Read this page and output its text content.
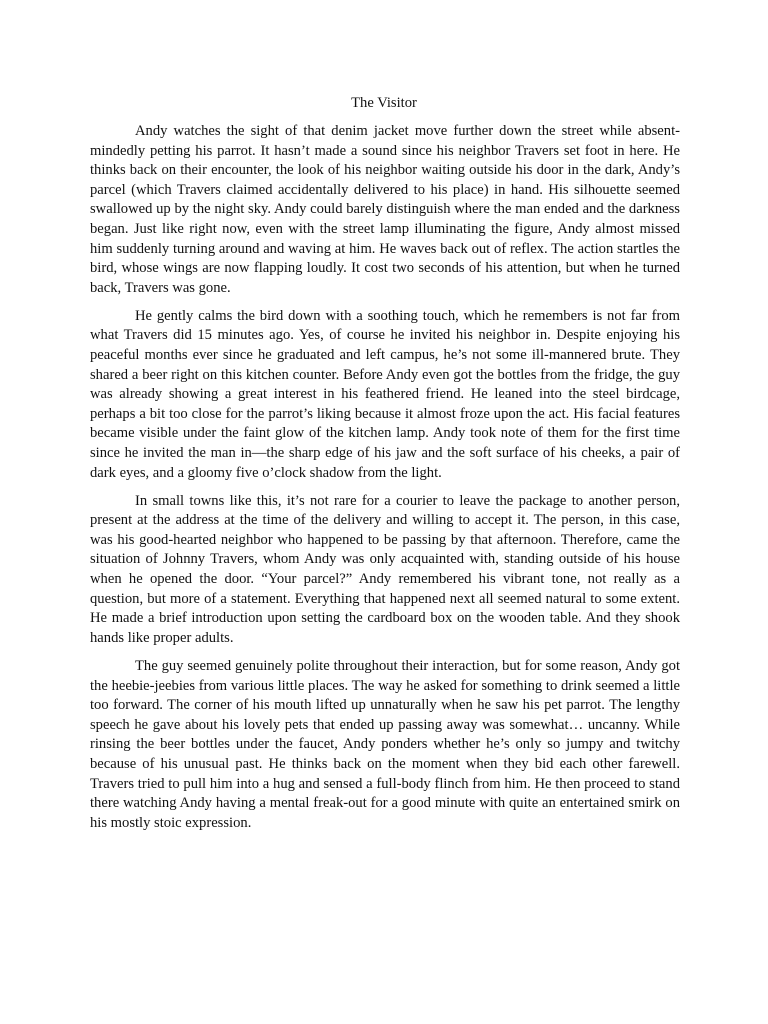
The Visitor

Andy watches the sight of that denim jacket move further down the street while absent-mindedly petting his parrot. It hasn’t made a sound since his neighbor Travers set foot in here. He thinks back on their encounter, the look of his neighbor waiting outside his door in the dark, Andy’s parcel (which Travers claimed accidentally delivered to his place) in hand. His silhouette seemed swallowed up by the night sky. Andy could barely distinguish where the man ended and the darkness began. Just like right now, even with the street lamp illuminating the figure, Andy almost missed him suddenly turning around and waving at him. He waves back out of reflex. The action startles the bird, whose wings are now flapping loudly. It cost two seconds of his attention, but when he turned back, Travers was gone.

He gently calms the bird down with a soothing touch, which he remembers is not far from what Travers did 15 minutes ago. Yes, of course he invited his neighbor in. Despite enjoying his peaceful months ever since he graduated and left campus, he’s not some ill-mannered brute. They shared a beer right on this kitchen counter. Before Andy even got the bottles from the fridge, the guy was already showing a great interest in his feathered friend. He leaned into the steel birdcage, perhaps a bit too close for the parrot’s liking because it almost froze upon the act. His facial features became visible under the faint glow of the kitchen lamp. Andy took note of them for the first time since he invited the man in—the sharp edge of his jaw and the soft surface of his cheeks, a pair of dark eyes, and a gloomy five o’clock shadow from the light.

In small towns like this, it’s not rare for a courier to leave the package to another person, present at the address at the time of the delivery and willing to accept it. The person, in this case, was his good-hearted neighbor who happened to be passing by that afternoon. Therefore, came the situation of Johnny Travers, whom Andy was only acquainted with, standing outside of his house when he opened the door. “Your parcel?” Andy remembered his vibrant tone, not really as a question, but more of a statement. Everything that happened next all seemed natural to some extent. He made a brief introduction upon setting the cardboard box on the wooden table. And they shook hands like proper adults.

The guy seemed genuinely polite throughout their interaction, but for some reason, Andy got the heebie-jeebies from various little places. The way he asked for something to drink seemed a little too forward. The corner of his mouth lifted up unnaturally when he saw his pet parrot. The lengthy speech he gave about his lovely pets that ended up passing away was somewhat… uncanny. While rinsing the beer bottles under the faucet, Andy ponders whether he’s only so jumpy and twitchy because of his unusual past. He thinks back on the moment when they bid each other farewell. Travers tried to pull him into a hug and sensed a full-body flinch from him. He then proceed to stand there watching Andy having a mental freak-out for a good minute with quite an entertained smirk on his mostly stoic expression.
